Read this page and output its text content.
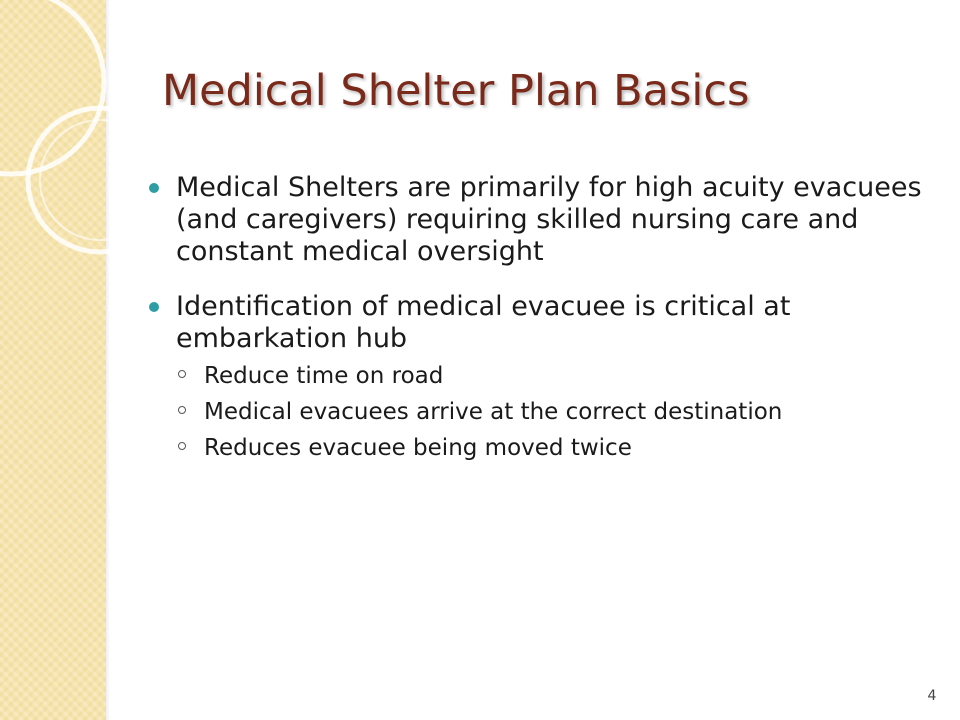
Medical Shelter Plan Basics
Medical Shelters are primarily for high acuity evacuees (and caregivers) requiring skilled nursing care and constant medical oversight
Identification of medical evacuee is critical at embarkation hub
Reduce time on road
Medical evacuees arrive at the correct destination
Reduces evacuee being moved twice
4
